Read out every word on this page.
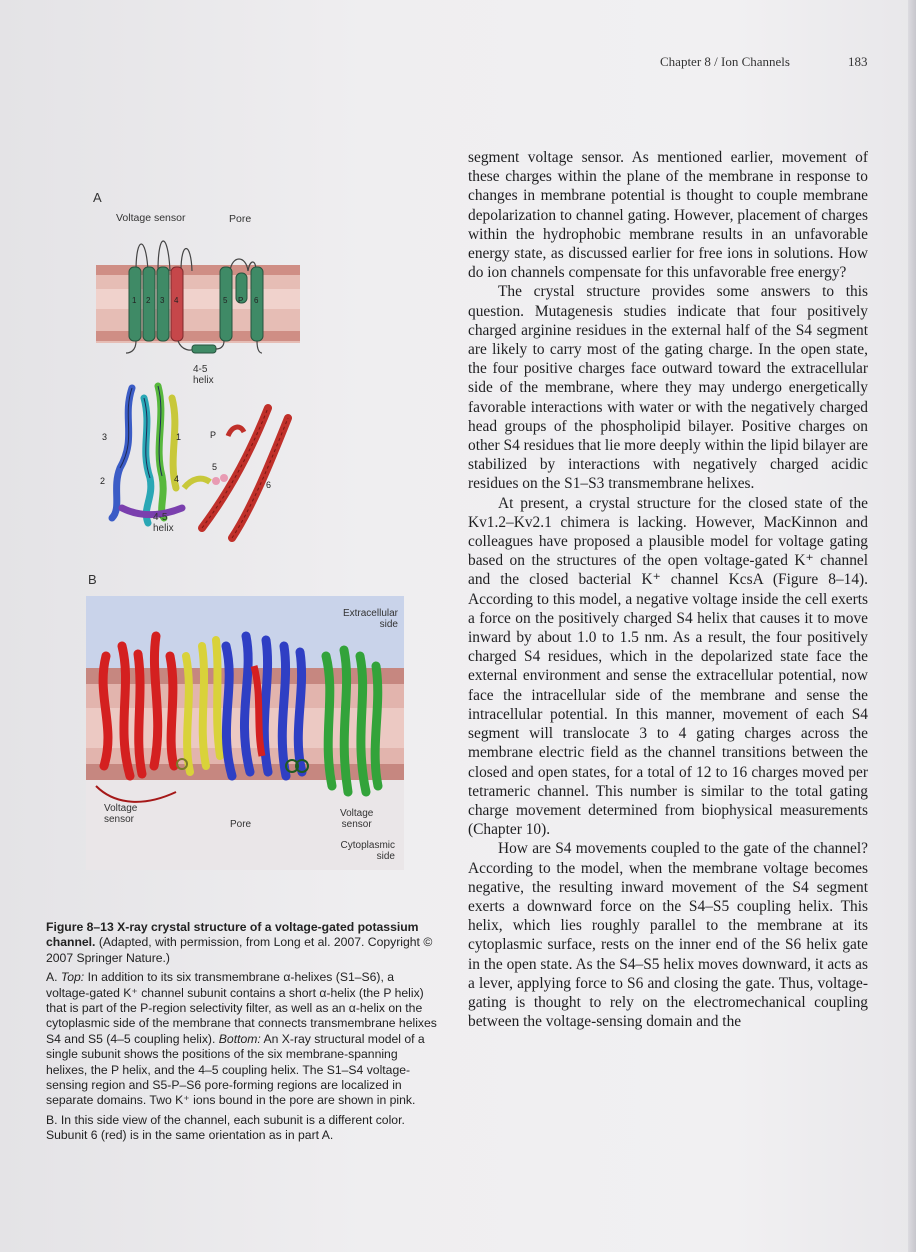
Chapter 8 / Ion Channels	183
A
Voltage sensor	Pore
1 2 3 4	5 P 6
4-5
helix
3	1
2	4
P
5
6
4-5
helix
B
Extracellular
side
Voltage
sensor	Pore
Voltage
sensor
Cytoplasmic
side

Figure 8–13 X-ray crystal structure of a voltage-gated potassium channel. (Adapted, with permission, from Long et al. 2007. Copyright © 2007 Springer Nature.)

A. Top: In addition to its six transmembrane α-helixes (S1–S6), a voltage-gated K⁺ channel subunit contains a short α-helix (the P helix) that is part of the P-region selectivity filter, as well as an α-helix on the cytoplasmic side of the membrane that connects transmembrane helixes S4 and S5 (4–5 coupling helix). Bottom: An X-ray structural model of a single subunit shows the positions of the six membrane-spanning helixes, the P helix, and the 4–5 coupling helix. The S1–S4 voltage-sensing region and S5-P–S6 pore-forming regions are localized in separate domains. Two K⁺ ions bound in the pore are shown in pink.

B. In this side view of the channel, each subunit is a different color. Subunit 6 (red) is in the same orientation as in part A.

segment voltage sensor. As mentioned earlier, movement of these charges within the plane of the membrane in response to changes in membrane potential is thought to couple membrane depolarization to channel gating. However, placement of charges within the hydrophobic membrane results in an unfavorable energy state, as discussed earlier for free ions in solutions. How do ion channels compensate for this unfavorable free energy?

The crystal structure provides some answers to this question. Mutagenesis studies indicate that four positively charged arginine residues in the external half of the S4 segment are likely to carry most of the gating charge. In the open state, the four positive charges face outward toward the extracellular side of the membrane, where they may undergo energetically favorable interactions with water or with the negatively charged head groups of the phospholipid bilayer. Positive charges on other S4 residues that lie more deeply within the lipid bilayer are stabilized by interactions with negatively charged acidic residues on the S1–S3 transmembrane helixes.

At present, a crystal structure for the closed state of the Kv1.2–Kv2.1 chimera is lacking. However, MacKinnon and colleagues have proposed a plausible model for voltage gating based on the structures of the open voltage-gated K⁺ channel and the closed bacterial K⁺ channel KcsA (Figure 8–14). According to this model, a negative voltage inside the cell exerts a force on the positively charged S4 helix that causes it to move inward by about 1.0 to 1.5 nm. As a result, the four positively charged S4 residues, which in the depolarized state face the external environment and sense the extracellular potential, now face the intracellular side of the membrane and sense the intracellular potential. In this manner, movement of each S4 segment will translocate 3 to 4 gating charges across the membrane electric field as the channel transitions between the closed and open states, for a total of 12 to 16 charges moved per tetrameric channel. This number is similar to the total gating charge movement determined from biophysical measurements (Chapter 10).

How are S4 movements coupled to the gate of the channel? According to the model, when the membrane voltage becomes negative, the resulting inward movement of the S4 segment exerts a downward force on the S4–S5 coupling helix. This helix, which lies roughly parallel to the membrane at its cytoplasmic surface, rests on the inner end of the S6 helix gate in the open state. As the S4–S5 helix moves downward, it acts as a lever, applying force to S6 and closing the gate. Thus, voltage-gating is thought to rely on the electromechanical coupling between the voltage-sensing domain and the
